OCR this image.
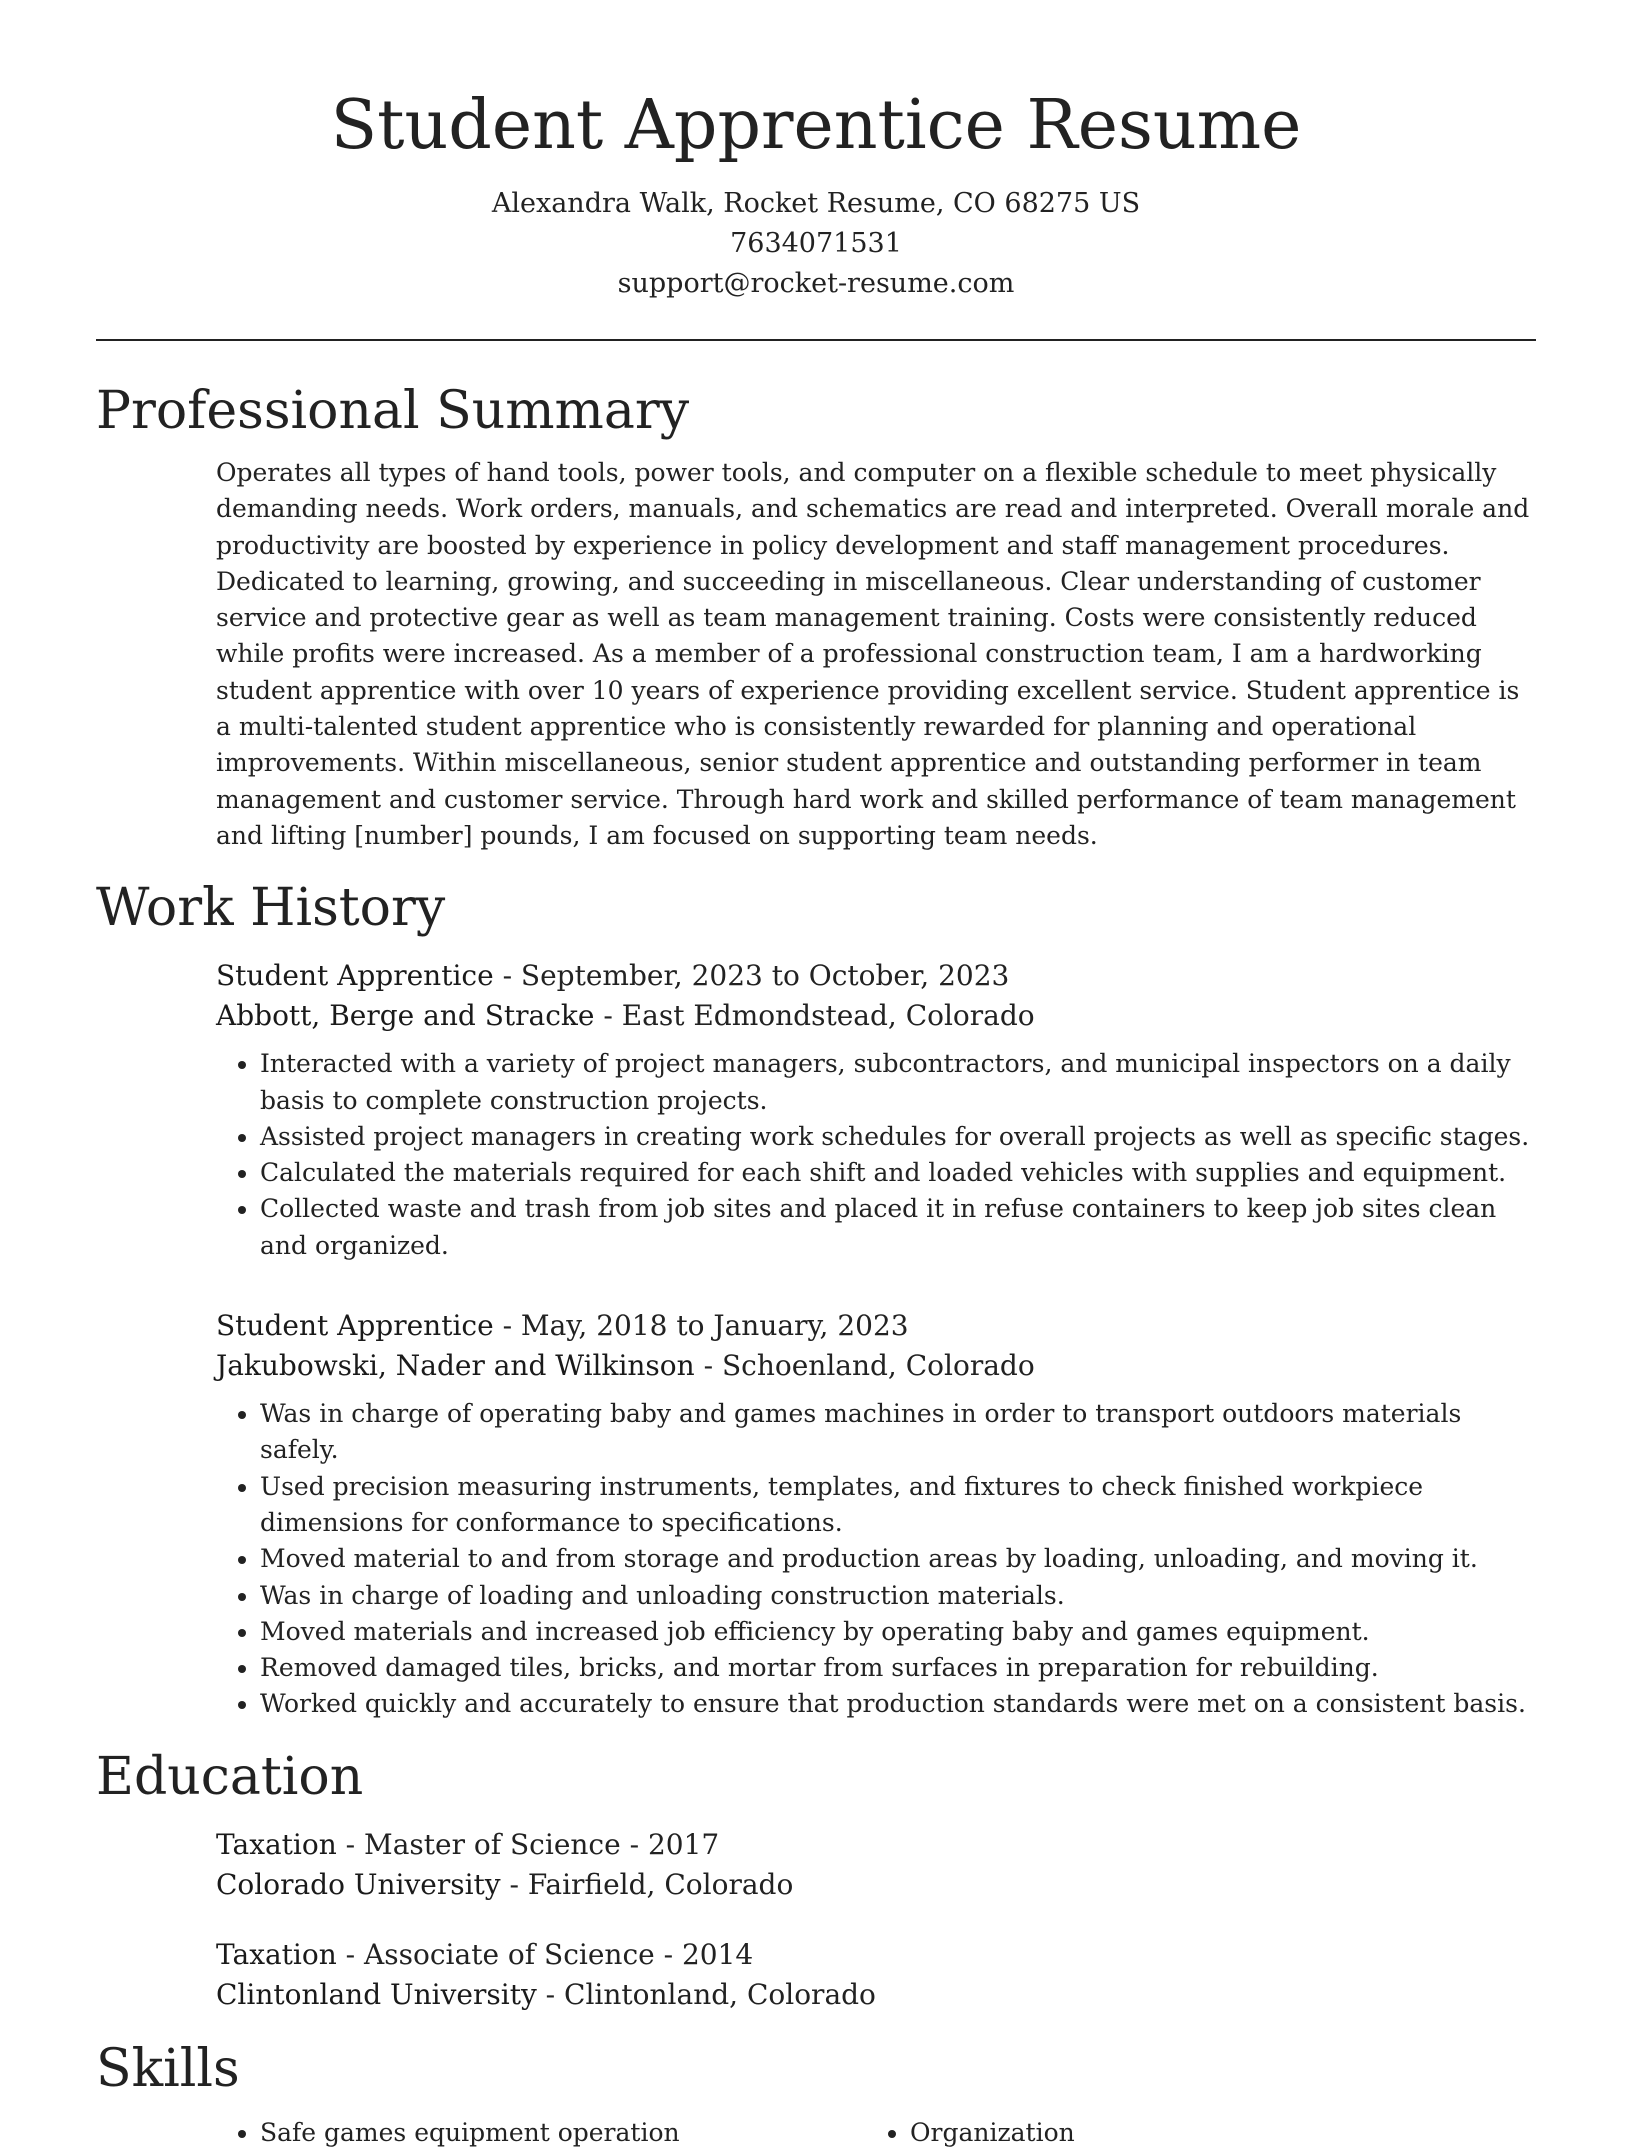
Student Apprentice Resume
Alexandra Walk, Rocket Resume, CO 68275 US
7634071531
support@rocket-resume.com
Professional Summary
Operates all types of hand tools, power tools, and computer on a flexible schedule to meet physically demanding needs. Work orders, manuals, and schematics are read and interpreted. Overall morale and productivity are boosted by experience in policy development and staff management procedures. Dedicated to learning, growing, and succeeding in miscellaneous. Clear understanding of customer service and protective gear as well as team management training. Costs were consistently reduced while profits were increased. As a member of a professional construction team, I am a hardworking student apprentice with over 10 years of experience providing excellent service. Student apprentice is a multi-talented student apprentice who is consistently rewarded for planning and operational improvements. Within miscellaneous, senior student apprentice and outstanding performer in team management and customer service. Through hard work and skilled performance of team management and lifting [number] pounds, I am focused on supporting team needs.
Work History
Student Apprentice - September, 2023 to October, 2023
Abbott, Berge and Stracke - East Edmondstead, Colorado
• Interacted with a variety of project managers, subcontractors, and municipal inspectors on a daily basis to complete construction projects.
• Assisted project managers in creating work schedules for overall projects as well as specific stages.
• Calculated the materials required for each shift and loaded vehicles with supplies and equipment.
• Collected waste and trash from job sites and placed it in refuse containers to keep job sites clean and organized.
Student Apprentice - May, 2018 to January, 2023
Jakubowski, Nader and Wilkinson - Schoenland, Colorado
• Was in charge of operating baby and games machines in order to transport outdoors materials safely.
• Used precision measuring instruments, templates, and fixtures to check finished workpiece dimensions for conformance to specifications.
• Moved material to and from storage and production areas by loading, unloading, and moving it.
• Was in charge of loading and unloading construction materials.
• Moved materials and increased job efficiency by operating baby and games equipment.
• Removed damaged tiles, bricks, and mortar from surfaces in preparation for rebuilding.
• Worked quickly and accurately to ensure that production standards were met on a consistent basis.
Education
Taxation - Master of Science - 2017
Colorado University - Fairfield, Colorado
Taxation - Associate of Science - 2014
Clintonland University - Clintonland, Colorado
Skills
• Safe games equipment operation
•	Organization
